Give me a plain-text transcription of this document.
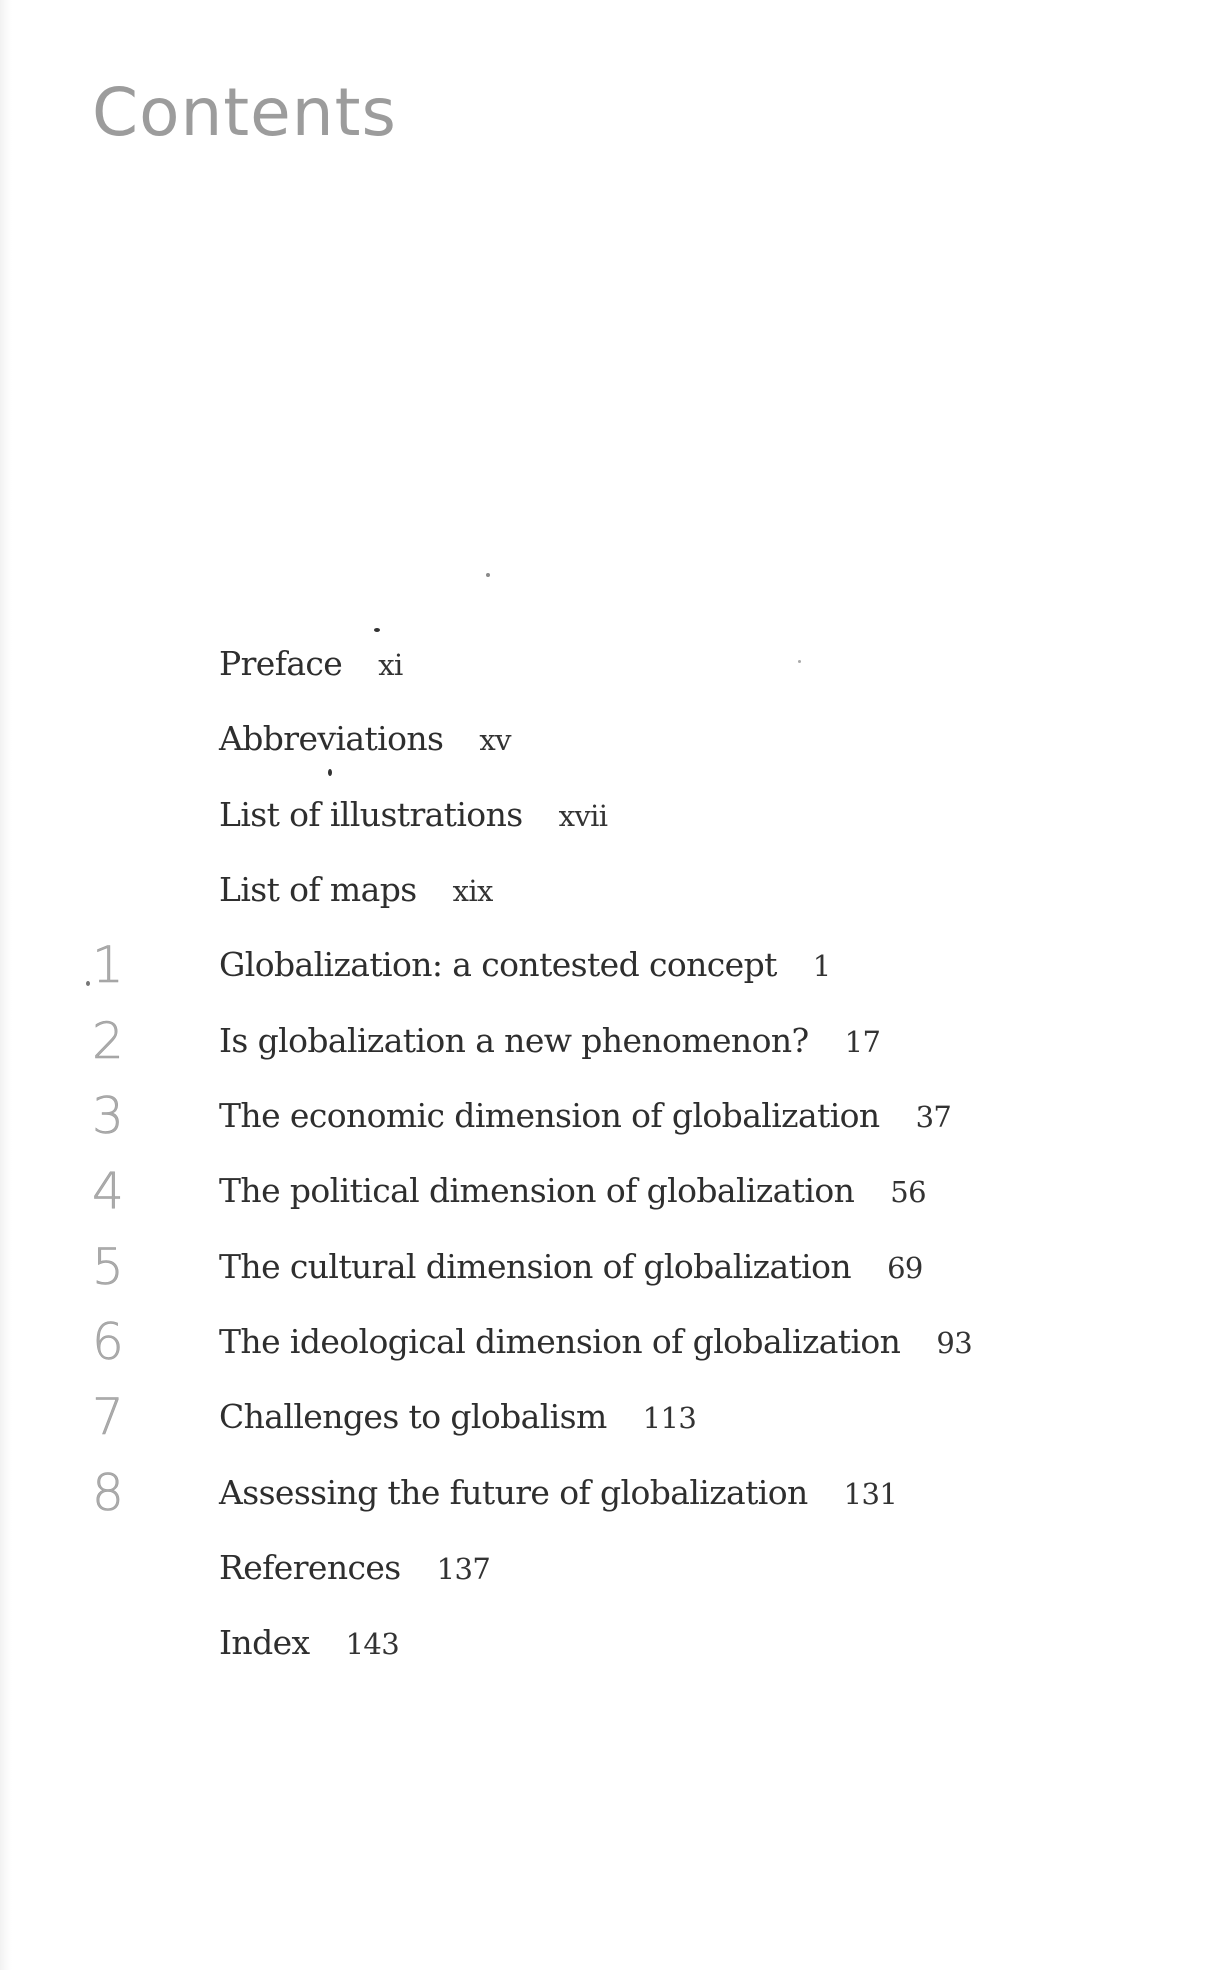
Contents
Preface xi
Abbreviations xv
List of illustrations xvii
List of maps xix
1	Globalization: a contested concept 1
2	Is globalization a new phenomenon? 17
3	The economic dimension of globalization 37
4	The political dimension of globalization 56
5	The cultural dimension of globalization 69
6	The ideological dimension of globalization 93
7	Challenges to globalism 113
8	Assessing the future of globalization 131
References 137
Index 143
